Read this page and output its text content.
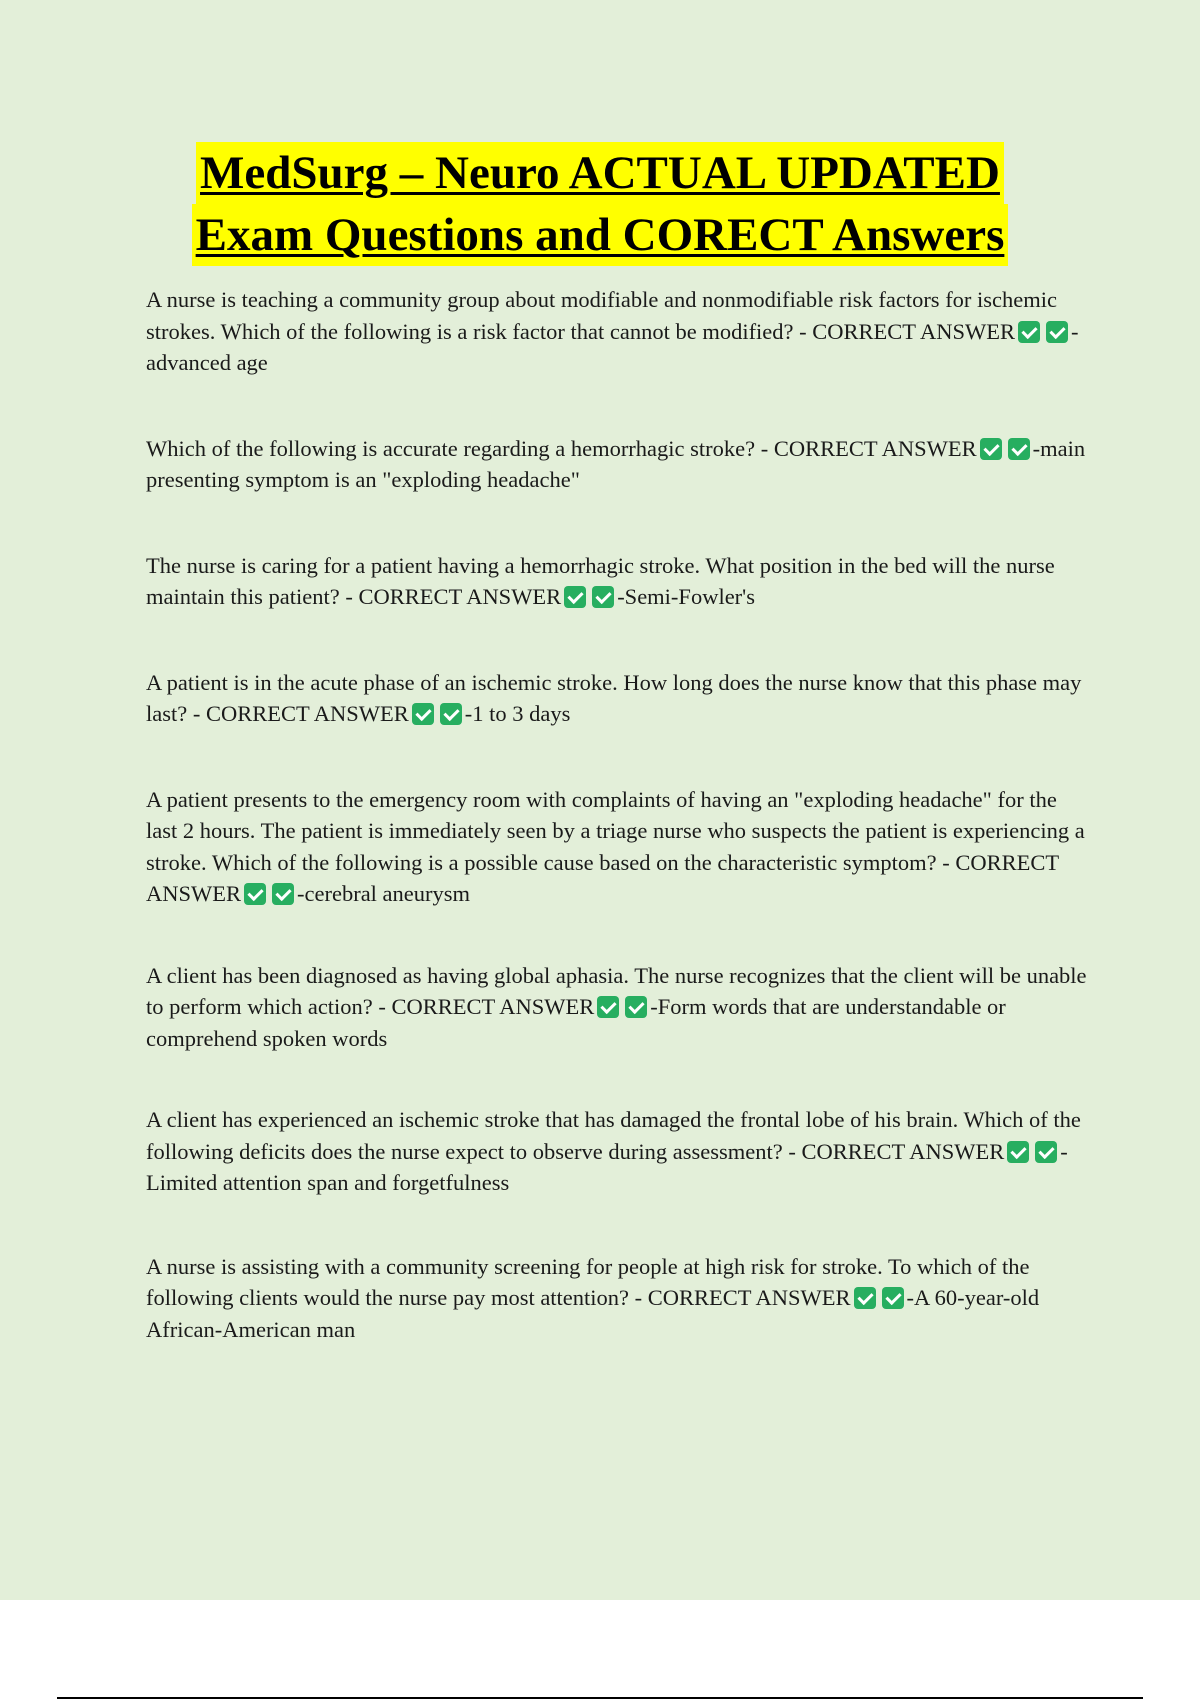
MedSurg – Neuro ACTUAL UPDATED
Exam Questions and CORECT Answers

A nurse is teaching a community group about modifiable and nonmodifiable risk factors for ischemic strokes. Which of the following is a risk factor that cannot be modified? - CORRECT ANSWER -advanced age

Which of the following is accurate regarding a hemorrhagic stroke? - CORRECT ANSWER -main presenting symptom is an "exploding headache"

The nurse is caring for a patient having a hemorrhagic stroke. What position in the bed will the nurse maintain this patient? - CORRECT ANSWER -Semi-Fowler's

A patient is in the acute phase of an ischemic stroke. How long does the nurse know that this phase may last? - CORRECT ANSWER -1 to 3 days

A patient presents to the emergency room with complaints of having an "exploding headache" for the last 2 hours. The patient is immediately seen by a triage nurse who suspects the patient is experiencing a stroke. Which of the following is a possible cause based on the characteristic symptom? - CORRECT ANSWER -cerebral aneurysm

A client has been diagnosed as having global aphasia. The nurse recognizes that the client will be unable to perform which action? - CORRECT ANSWER -Form words that are understandable or comprehend spoken words

A client has experienced an ischemic stroke that has damaged the frontal lobe of his brain. Which of the following deficits does the nurse expect to observe during assessment? - CORRECT ANSWER -Limited attention span and forgetfulness

A nurse is assisting with a community screening for people at high risk for stroke. To which of the following clients would the nurse pay most attention? - CORRECT ANSWER -A 60-year-old African-American man
